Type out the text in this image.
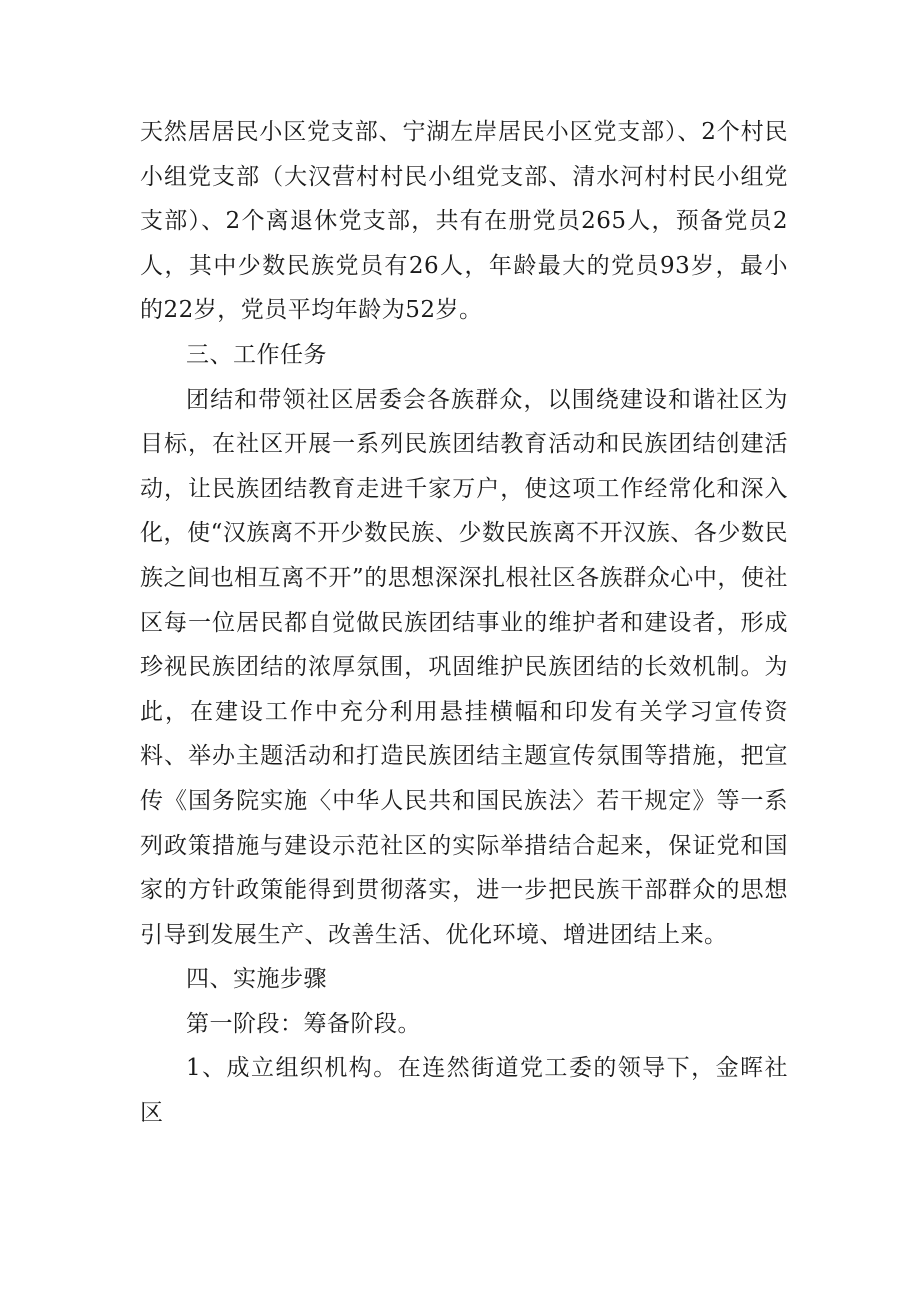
天然居居民小区党支部、宁湖左岸居民小区党支部）、2个村民小组党支部（大汉营村村民小组党支部、清水河村村民小组党支部）、2个离退休党支部，共有在册党员265人，预备党员2人，其中少数民族党员有26人，年龄最大的党员93岁，最小的22岁，党员平均年龄为52岁。

三、工作任务

团结和带领社区居委会各族群众，以围绕建设和谐社区为目标，在社区开展一系列民族团结教育活动和民族团结创建活动，让民族团结教育走进千家万户，使这项工作经常化和深入化，使“汉族离不开少数民族、少数民族离不开汉族、各少数民族之间也相互离不开”的思想深深扎根社区各族群众心中，使社区每一位居民都自觉做民族团结事业的维护者和建设者，形成珍视民族团结的浓厚氛围，巩固维护民族团结的长效机制。为此，在建设工作中充分利用悬挂横幅和印发有关学习宣传资料、举办主题活动和打造民族团结主题宣传氛围等措施，把宣传《国务院实施〈中华人民共和国民族法〉若干规定》等一系列政策措施与建设示范社区的实际举措结合起来，保证党和国家的方针政策能得到贯彻落实，进一步把民族干部群众的思想引导到发展生产、改善生活、优化环境、增进团结上来。

四、实施步骤

第一阶段：筹备阶段。

1、成立组织机构。在连然街道党工委的领导下，金晖社区
